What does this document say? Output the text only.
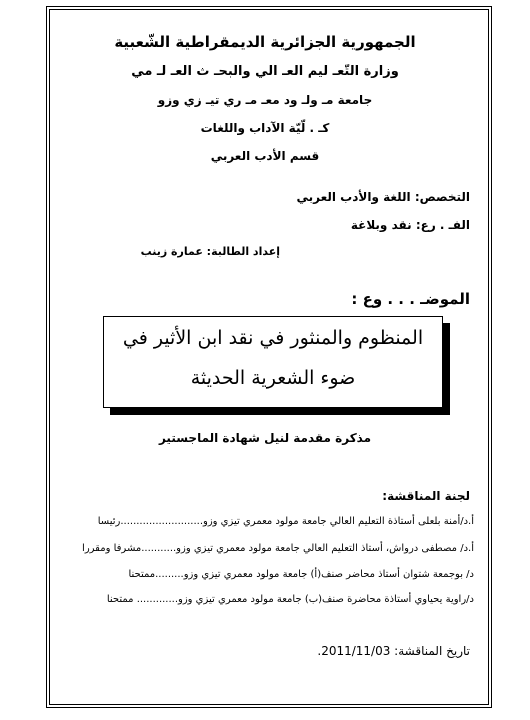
الجمهورية الجزائرية الديمقراطية الشّعبية
وزارة التّعـ ليم العـ الي والبحـ ث العـ لـ مي
جامعة مـ ولـ ود معـ مـ ري تيـ زي وزو
كـ . لّيّة الآداب واللغات
قسم الأدب العربي
التخصص: اللغة والأدب العربي
الفـ . رع: نقد وبلاغة
إعداد الطالبة: عمارة زينب
الموضـ . . . وع :
المنظوم والمنثور في نقد ابن الأثير في
ضوء الشعرية الحديثة
مذكرة مقدمة لنيل شهادة الماجستير
لجنة المناقشة:
أ.د/أمنة بلعلى أستاذة التعليم العالي جامعة مولود معمري تيزي وزو..........................رئيسا
أ.د/ مصطفى درواش، أستاذ التعليم العالي جامعة مولود معمري تيزي وزو...........مشرفا ومقررا
د/ بوجمعة شتوان أستاذ محاضر صنف(أ) جامعة مولود معمري تيزي وزو.........ممتحنا
د/راوية يحياوي أستاذة محاضرة صنف(ب) جامعة مولود معمري تيزي وزو............. ممتحنا
تاريخ المناقشة: 2011/11/03.
